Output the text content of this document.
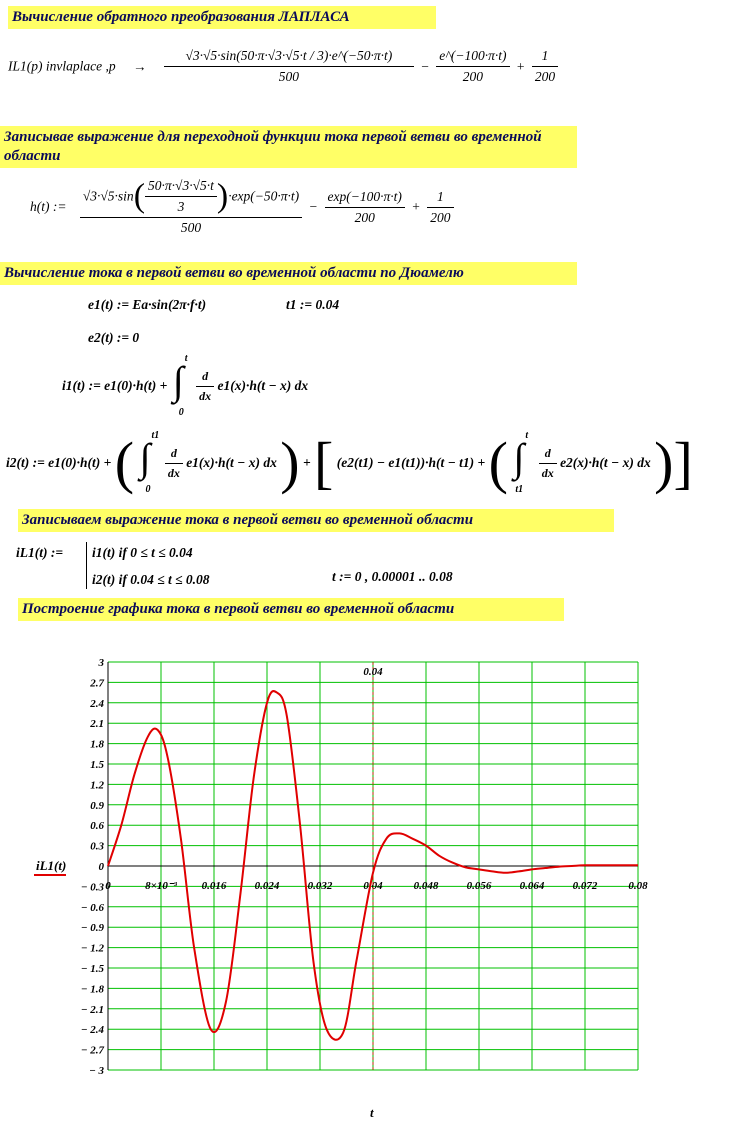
Вычисление обратного преобразования ЛАПЛАСА
IL1(p) invlaplace $,p \to \frac{√3\cdot√5\cdot\sin(50\cdot\pi\cdot√3\cdot√5\cdot t / 3)\cdot e\^{}(-50\cdot\pi\cdot t)}{500} - \frac{e\^{}(-100\cdot\pi\cdot t)}{200} + \frac{1}{200}$
Записывае выражение для переходной функции тока первой ветви во временной области
h(t) := $\frac{√3\cdot√5\cdot\sin( \frac{50\cdot\pi\cdot√3\cdot√5\cdot t}{3} )\cdot\exp(-50\cdot\pi\cdot t)}{500} - \frac{\exp(-100\cdot\pi\cdot t)}{200} + \frac{1}{200}$
Вычисление тока в первой ветви во временной области по Дюамелю
e1(t) := Ea·sin(2π·f·t)	t1 := 0.04
e2(t) := 0
i1(t) := e1(0)·h(t) + ∫ t
0

$\frac{d}{dx} e1(x)\cdot h(t - x)$ dx
i2(t) := e1(0)·h(t) + ( ∫ t1
0

$\frac{d}{dx} e1(x)\cdot h(t - x)$ dx ) + [ (e2(t1) − e1(t1))·h(t − t1) + ( ∫ t
t1

$\frac{d}{dx} e2(x)\cdot h(t - x)$ dx )]
Записываем выражение тока в первой ветви во временной области
iL1(t) := i1(t) if 0 ≤ t ≤ 0.04
i2(t) if 0.04 ≤ t ≤ 0.08	t := 0 , 0.00001 .. 0.08
Построение графика тока в первой ветви во временной области
3
2.7
2.4
2.1
1.8
1.5
1.2
0.9
0.6
0.3
0
− 0.3
− 0.6
− 0.9
− 1.2
− 1.5
− 1.8
− 2.1
− 2.4
− 2.7
− 3
0	8×10⁻³ 0.016	0.024	0.032	0.04	0.048	0.056	0.064	0.072	0.08
0.04
iL1(t)
t
